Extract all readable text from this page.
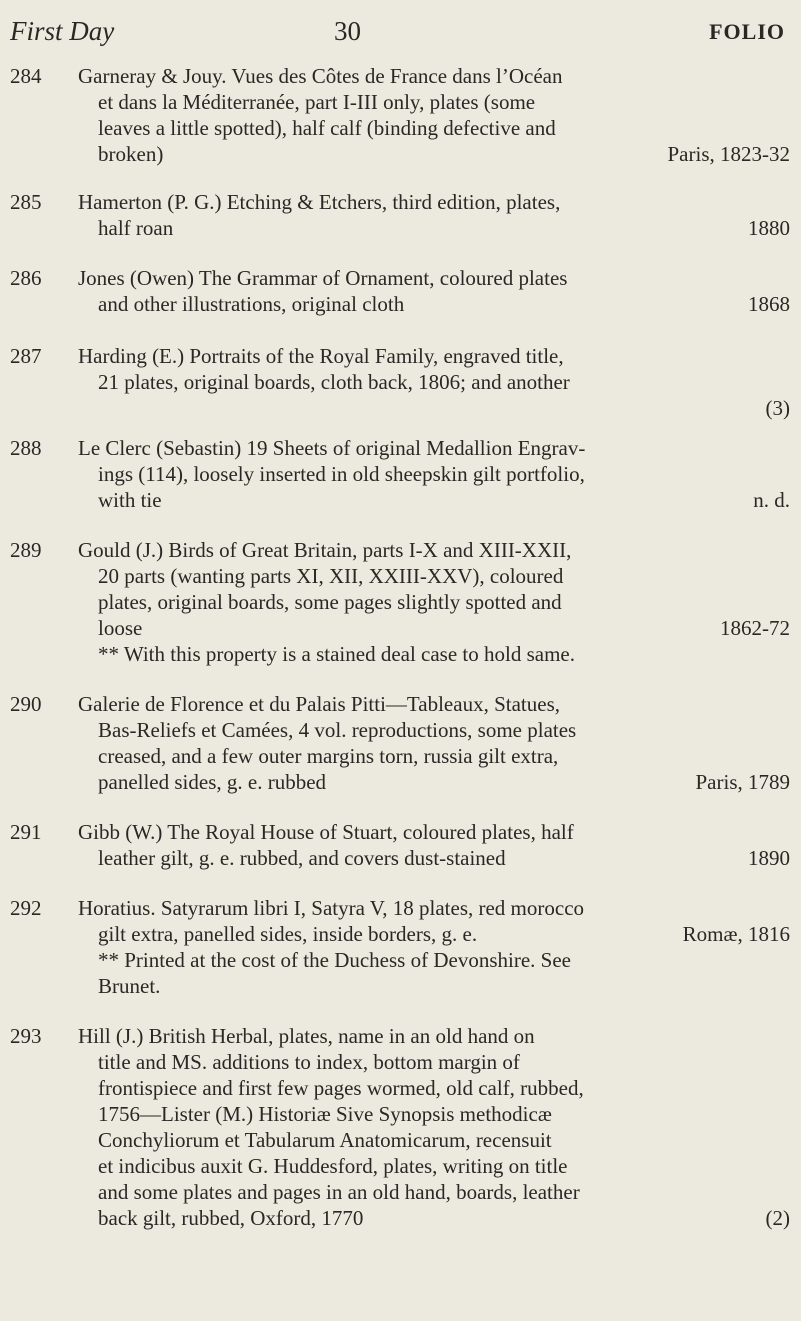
First Day	30	FOLIO
284 Garneray & Jouy. Vues des Côtes de France dans l’Océan
et dans la Méditerranée, part I-III only, plates (some
leaves a little spotted), half calf (binding defective and
broken)	Paris, 1823-32
285 Hamerton (P. G.) Etching & Etchers, third edition, plates,
half roan	1880
286 Jones (Owen) The Grammar of Ornament, coloured plates
and other illustrations, original cloth	1868
287 Harding (E.) Portraits of the Royal Family, engraved title,
21 plates, original boards, cloth back, 1806; and another
(3)
288 Le Clerc (Sebastin) 19 Sheets of original Medallion Engrav-
ings (114), loosely inserted in old sheepskin gilt portfolio,
with tie	n. d.
289 Gould (J.) Birds of Great Britain, parts I-X and XIII-XXII,
20 parts (wanting parts XI, XII, XXIII-XXV), coloured
plates, original boards, some pages slightly spotted and
loose	1862-72
** With this property is a stained deal case to hold same.
290 Galerie de Florence et du Palais Pitti—Tableaux, Statues,
Bas-Reliefs et Camées, 4 vol. reproductions, some plates
creased, and a few outer margins torn, russia gilt extra,
panelled sides, g. e. rubbed	Paris, 1789
291 Gibb (W.) The Royal House of Stuart, coloured plates, half
leather gilt, g. e. rubbed, and covers dust-stained	1890
292 Horatius. Satyrarum libri I, Satyra V, 18 plates, red morocco
gilt extra, panelled sides, inside borders, g. e.	Romæ, 1816
** Printed at the cost of the Duchess of Devonshire. See
Brunet.
293 Hill (J.) British Herbal, plates, name in an old hand on
title and MS. additions to index, bottom margin of
frontispiece and first few pages wormed, old calf, rubbed,
1756—Lister (M.) Historiæ Sive Synopsis methodicæ
Conchyliorum et Tabularum Anatomicarum, recensuit
et indicibus auxit G. Huddesford, plates, writing on title
and some plates and pages in an old hand, boards, leather
back gilt, rubbed, Oxford, 1770	(2)
